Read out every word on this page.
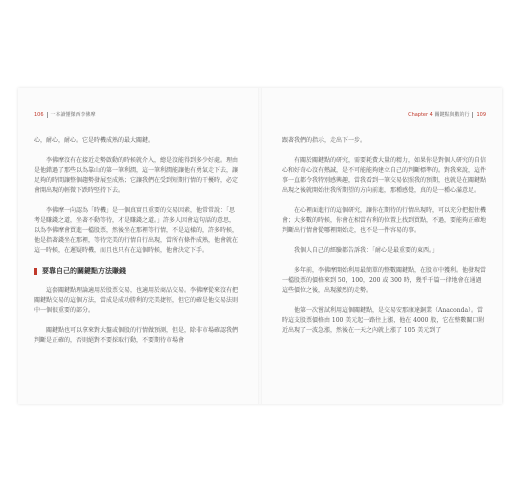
106 一本讀懂傑西李佛摩

心，耐心，耐心。它是時機成熟的最大關鍵。

李佛摩沒有在接近走勢啟動的時候就介入，總是沒能得到多少好處。理由是他錯過了那些以為靠山的第一筆利潤，這一筆利潤能讓他有勇氣走下去，讓足夠的時間讓整個趨勢發展至成熟；它讓我們在受到短期行情的干擾時，必定會開出現的輕微下跌時堅持下去。

李佛摩一向認為「時機」是一個真實且重要的交易因素，他常常說：「思考是賺錢之道，坐著不動等待，才是賺錢之道。」許多人因會這句話的意思，以為李佛摩會買進一檔股票，然後坐在那裡等行情，不是這樣的，許多時候，他是指著錢坐在那裡，等待完美的行情自行出現，當所有條件成熟，他會就在這一時候，在遲疑時機，而且也只有在這個時候，他會決定下手。

要靠自己的關鍵點方法賺錢

這套關鍵點理論適用於股票交易，也適用於商品交易。李佛摩從來沒有把關鍵點交易的這個方法，當成是成功勝利的完美捷徑，但它的確是他交易法則中一個很重要的部分。

關鍵點也可以拿來對大盤或個股的行情做預測，但是，除非市場確認我們判斷是正確的，否則絕對不要採取行動，不要期待市場會

Chapter 4 關鍵點與數的行 109

跟著我們的指示，走出下一步。

有關於關鍵點的研究，需要耗費大量的精力，如果你是對個人研究的自信心和好奇心沒有熱誠，是不可能能夠建立自己的判斷標準的。對我來說，這件事一直都令我特別感興趣，當我看到一筆交易依照我的預期，也就是在關鍵點出現之後就開始往我所期望的方向前進，那種感覺，真的是一種心滿意足。

在心裡面進行的這個研究，讓你在期待的行情出現時，可以充分把握住機會；大多數的時候，你會在相當有利的位置上找到買點，不過，要能夠正確地判斷出行情會從哪裡開始走，也不是一件容易的事。

我個人自己的經驗都告訴我：「耐心是最重要的東西。」

多年前，李佛摩開始利用最簡單的整數關鍵點，在股市中獲利。他發現當一檔股票的價格來到 50，100，200 或 300 時，幾乎千篇一律地會在通過這些價位之後，出現激烈的走勢。

他第一次嘗試利用這個關鍵點，是交易安那康達銅業（Anaconda）。當時這支股票價格由 100 美元起一路往上漲，他在 4000 股，它在整數關口附近出現了一波急漲，然後在一天之內就上漲了 105 美元到了
